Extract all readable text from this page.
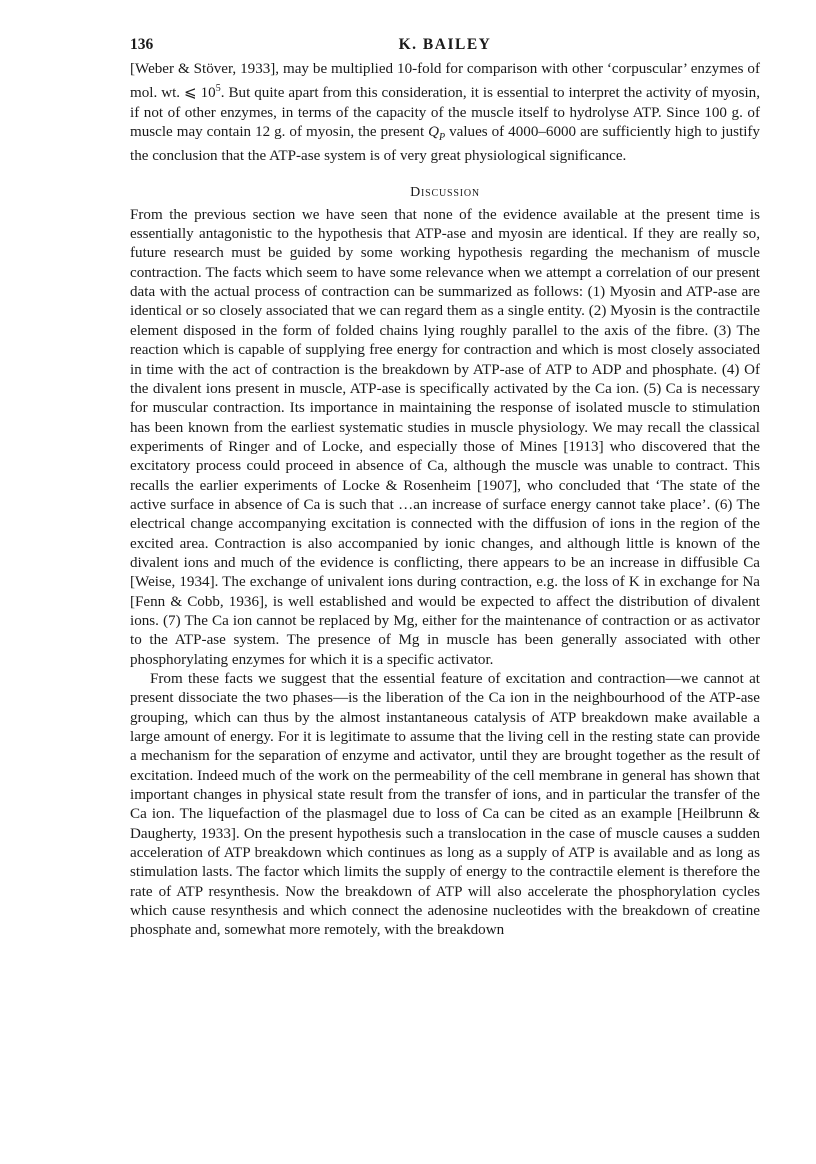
136	K. BAILEY

[Weber & Stöver, 1933], may be multiplied 10-fold for comparison with other ‘corpuscular’ enzymes of mol. wt. ⩽ $10^5$. But quite apart from this consideration, it is essential to interpret the activity of myosin, if not of other enzymes, in terms of the capacity of the muscle itself to hydrolyse ATP. Since 100 g. of muscle may contain 12 g. of myosin, the present $Q_P$ values of 4000–6000 are sufficiently high to justify the conclusion that the ATP-ase system is of very great physiological significance.

Discussion

From the previous section we have seen that none of the evidence available at the present time is essentially antagonistic to the hypothesis that ATP-ase and myosin are identical. If they are really so, future research must be guided by some working hypothesis regarding the mechanism of muscle contraction. The facts which seem to have some relevance when we attempt a correlation of our present data with the actual process of contraction can be summarized as follows: (1) Myosin and ATP-ase are identical or so closely associated that we can regard them as a single entity. (2) Myosin is the contractile element disposed in the form of folded chains lying roughly parallel to the axis of the fibre. (3) The reaction which is capable of supplying free energy for contraction and which is most closely associated in time with the act of contraction is the breakdown by ATP-ase of ATP to ADP and phosphate. (4) Of the divalent ions present in muscle, ATP-ase is specifically activated by the Ca ion. (5) Ca is necessary for muscular contraction. Its importance in maintaining the response of isolated muscle to stimulation has been known from the earliest systematic studies in muscle physiology. We may recall the classical experiments of Ringer and of Locke, and especially those of Mines [1913] who discovered that the excitatory process could proceed in absence of Ca, although the muscle was unable to contract. This recalls the earlier experiments of Locke & Rosenheim [1907], who concluded that ‘The state of the active surface in absence of Ca is such that …an increase of surface energy cannot take place’. (6) The electrical change accompanying excitation is connected with the diffusion of ions in the region of the excited area. Contraction is also accompanied by ionic changes, and although little is known of the divalent ions and much of the evidence is conflicting, there appears to be an increase in diffusible Ca [Weise, 1934]. The exchange of univalent ions during contraction, e.g. the loss of K in exchange for Na [Fenn & Cobb, 1936], is well established and would be expected to affect the distribution of divalent ions. (7) The Ca ion cannot be replaced by Mg, either for the maintenance of contraction or as activator to the ATP-ase system. The presence of Mg in muscle has been generally associated with other phosphorylating enzymes for which it is a specific activator.

From these facts we suggest that the essential feature of excitation and contraction—we cannot at present dissociate the two phases—is the liberation of the Ca ion in the neighbourhood of the ATP-ase grouping, which can thus by the almost instantaneous catalysis of ATP breakdown make available a large amount of energy. For it is legitimate to assume that the living cell in the resting state can provide a mechanism for the separation of enzyme and activator, until they are brought together as the result of excitation. Indeed much of the work on the permeability of the cell membrane in general has shown that important changes in physical state result from the transfer of ions, and in particular the transfer of the Ca ion. The liquefaction of the plasmagel due to loss of Ca can be cited as an example [Heilbrunn & Daugherty, 1933]. On the present hypothesis such a translocation in the case of muscle causes a sudden acceleration of ATP breakdown which continues as long as a supply of ATP is available and as long as stimulation lasts. The factor which limits the supply of energy to the contractile element is therefore the rate of ATP resynthesis. Now the breakdown of ATP will also accelerate the phosphorylation cycles which cause resynthesis and which connect the adenosine nucleotides with the breakdown of creatine phosphate and, somewhat more remotely, with the breakdown
